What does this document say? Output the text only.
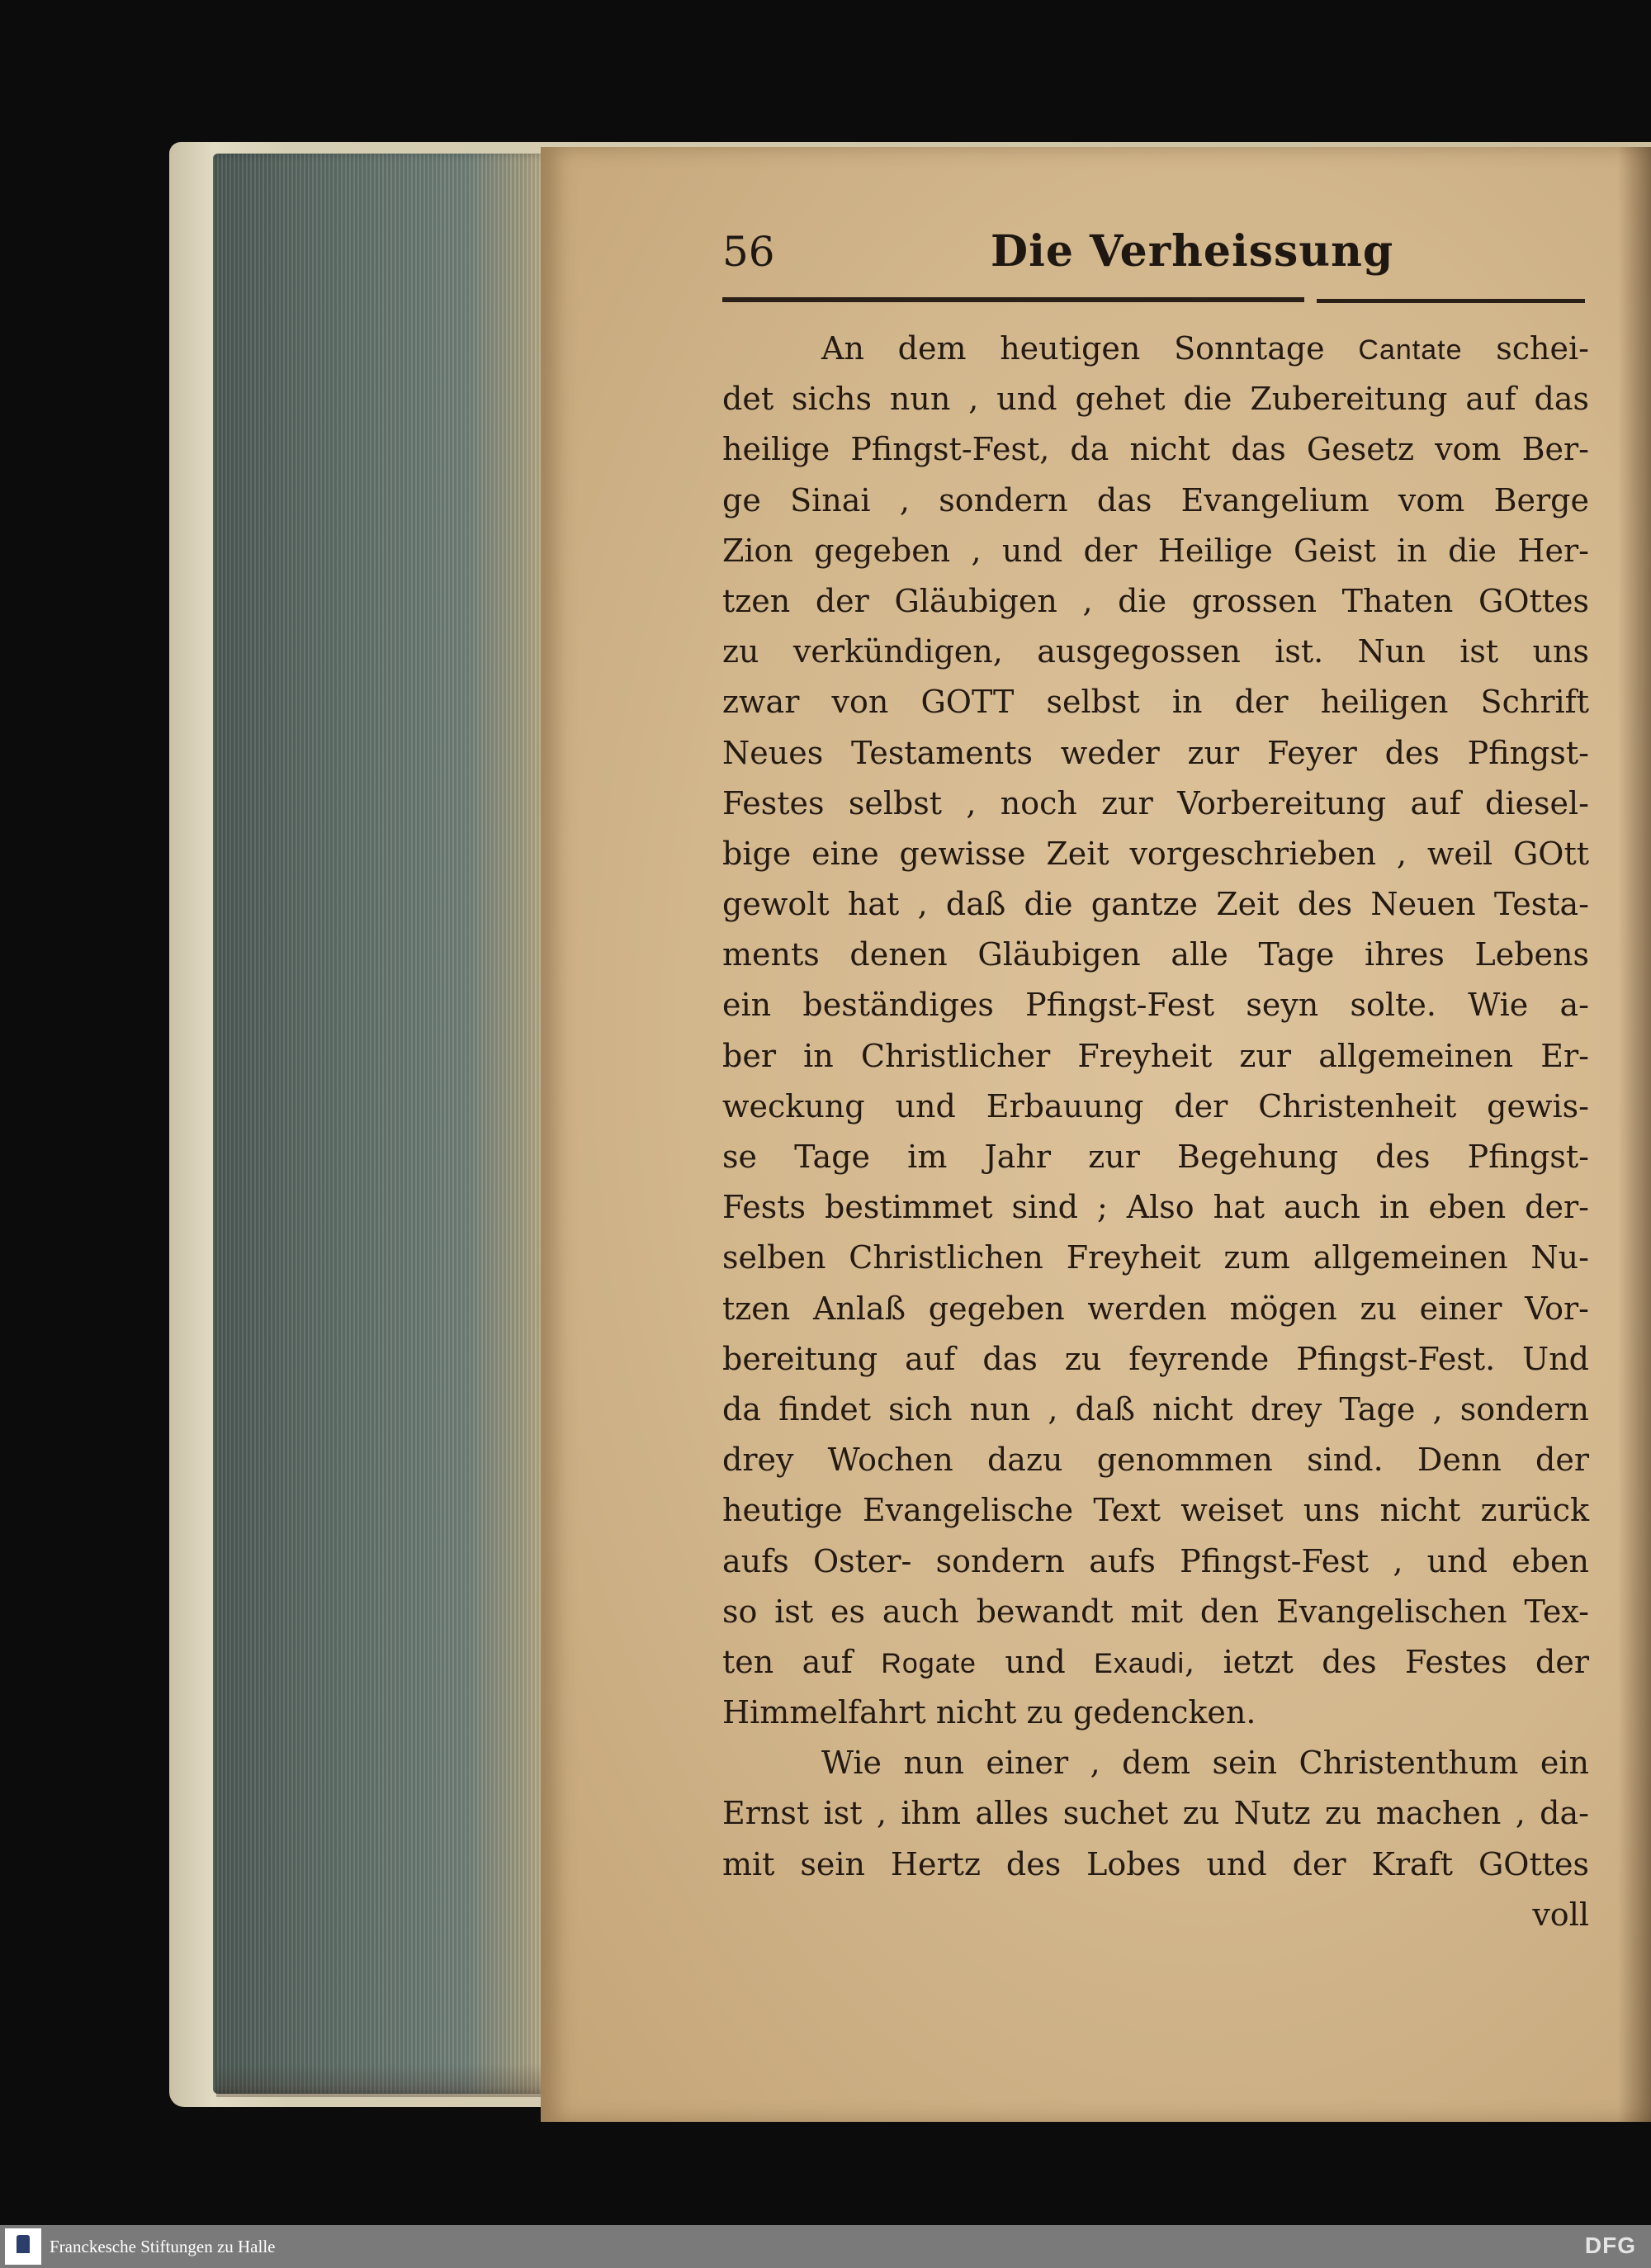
56	Die Verheissung
An dem heutigen Sonntage Cantate schei-
det sichs nun , und gehet die Zubereitung auf das
heilige Pfingst-Fest, da nicht das Gesetz vom Ber-
ge Sinai , sondern das Evangelium vom Berge
Zion gegeben , und der Heilige Geist in die Her-
tzen der Gläubigen , die grossen Thaten GOttes
zu verkündigen, ausgegossen ist. Nun ist uns
zwar von GOTT selbst in der heiligen Schrift
Neues Testaments weder zur Feyer des Pfingst-
Festes selbst , noch zur Vorbereitung auf diesel-
bige eine gewisse Zeit vorgeschrieben , weil GOtt
gewolt hat , daß die gantze Zeit des Neuen Testa-
ments denen Gläubigen alle Tage ihres Lebens
ein beständiges Pfingst-Fest seyn solte. Wie a-
ber in Christlicher Freyheit zur allgemeinen Er-
weckung und Erbauung der Christenheit gewis-
se Tage im Jahr zur Begehung des Pfingst-
Fests bestimmet sind ; Also hat auch in eben der-
selben Christlichen Freyheit zum allgemeinen Nu-
tzen Anlaß gegeben werden mögen zu einer Vor-
bereitung auf das zu feyrende Pfingst-Fest. Und
da findet sich nun , daß nicht drey Tage , sondern
drey Wochen dazu genommen sind. Denn der
heutige Evangelische Text weiset uns nicht zurück
aufs Oster- sondern aufs Pfingst-Fest , und eben
so ist es auch bewandt mit den Evangelischen Tex-
ten auf Rogate und Exaudi, ietzt des Festes der
Himmelfahrt nicht zu gedencken.
Wie nun einer , dem sein Christenthum ein
Ernst ist , ihm alles suchet zu Nutz zu machen , da-
mit sein Hertz des Lobes und der Kraft GOttes
voll
Franckesche Stiftungen zu Halle	DFG
